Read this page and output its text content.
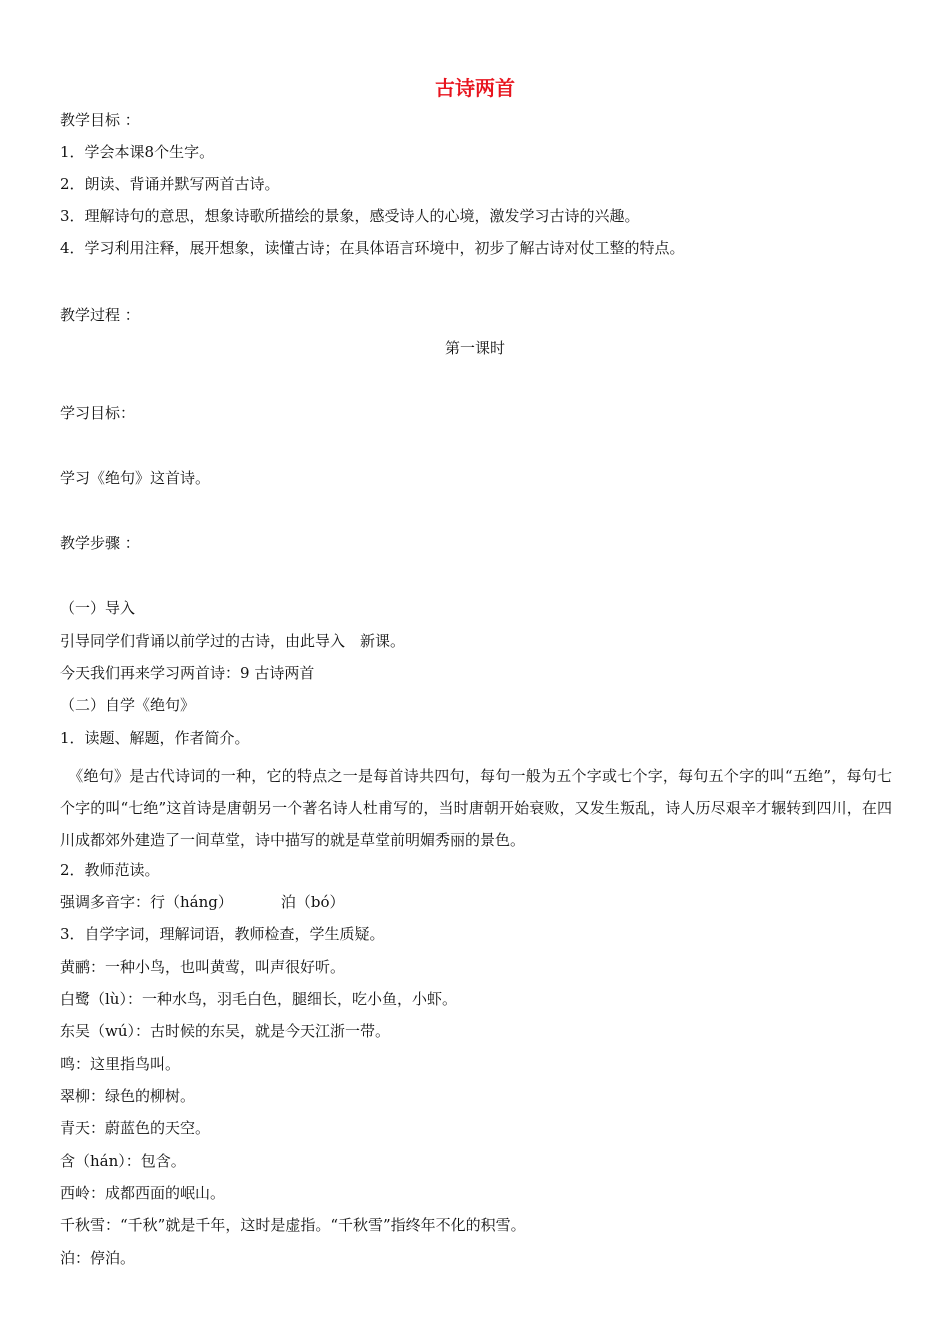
古诗两首
教学目标 ：
1．学会本课8个生字。
2．朗读、背诵并默写两首古诗。
3．理解诗句的意思，想象诗歌所描绘的景象，感受诗人的心境，激发学习古诗的兴趣。
4．学习利用注释，展开想象，读懂古诗；在具体语言环境中，初步了解古诗对仗工整的特点。
教学过程 ：
第一课时
学习目标：
学习《绝句》这首诗。
教学步骤 ：
（一）导入
引导同学们背诵以前学过的古诗，由此导入　新课。
今天我们再来学习两首诗：9 古诗两首
（二）自学《绝句》
1．读题、解题，作者简介。
《绝句》是古代诗词的一种，它的特点之一是每首诗共四句，每句一般为五个字或七个字，每句五个字的叫“五绝”，每句七个字的叫“七绝”这首诗是唐朝另一个著名诗人杜甫写的，当时唐朝开始衰败，又发生叛乱，诗人历尽艰辛才辗转到四川，在四川成都郊外建造了一间草堂，诗中描写的就是草堂前明媚秀丽的景色。
2．教师范读。
强调多音字：行（háng）	泊（bó）
3．自学字词，理解词语，教师检查，学生质疑。
黄鹂：一种小鸟，也叫黄莺，叫声很好听。
白鹭（lù）：一种水鸟，羽毛白色，腿细长，吃小鱼，小虾。
东吴（wú）：古时候的东吴，就是今天江浙一带。
鸣：这里指鸟叫。
翠柳：绿色的柳树。
青天：蔚蓝色的天空。
含（hán）：包含。
西岭：成都西面的岷山。
千秋雪：“千秋”就是千年，这时是虚指。“千秋雪”指终年不化的积雪。
泊：停泊。
